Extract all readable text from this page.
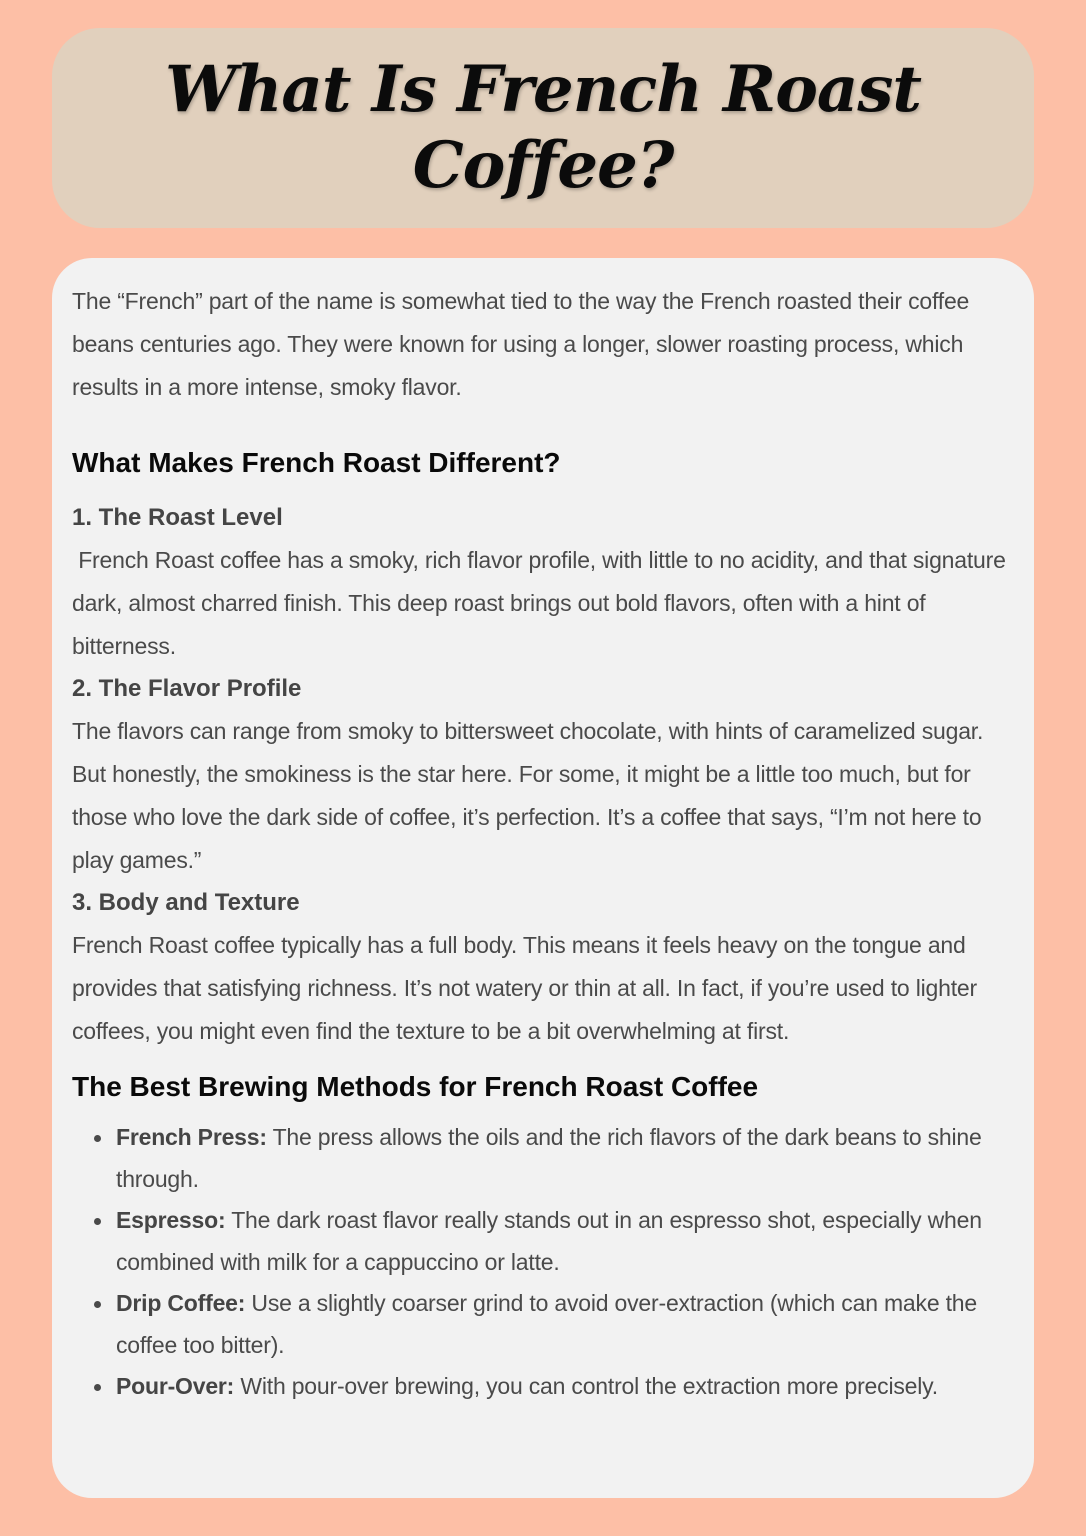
What Is French Roast Coffee?

The “French” part of the name is somewhat tied to the way the French roasted their coffee beans centuries ago. They were known for using a longer, slower roasting process, which results in a more intense, smoky flavor.

What Makes French Roast Different?
1. The Roast Level

French Roast coffee has a smoky, rich flavor profile, with little to no acidity, and that signature dark, almost charred finish. This deep roast brings out bold flavors, often with a hint of bitterness.

2. The Flavor Profile

The flavors can range from smoky to bittersweet chocolate, with hints of caramelized sugar. But honestly, the smokiness is the star here. For some, it might be a little too much, but for those who love the dark side of coffee, it’s perfection. It’s a coffee that says, “I’m not here to play games.”

3. Body and Texture

French Roast coffee typically has a full body. This means it feels heavy on the tongue and provides that satisfying richness. It’s not watery or thin at all. In fact, if you’re used to lighter coffees, you might even find the texture to be a bit overwhelming at first.

The Best Brewing Methods for French Roast Coffee
French Press: The press allows the oils and the rich flavors of the dark beans to shine through.
Espresso: The dark roast flavor really stands out in an espresso shot, especially when combined with milk for a cappuccino or latte.
Drip Coffee: Use a slightly coarser grind to avoid over-extraction (which can make the coffee too bitter).
Pour-Over: With pour-over brewing, you can control the extraction more precisely.
